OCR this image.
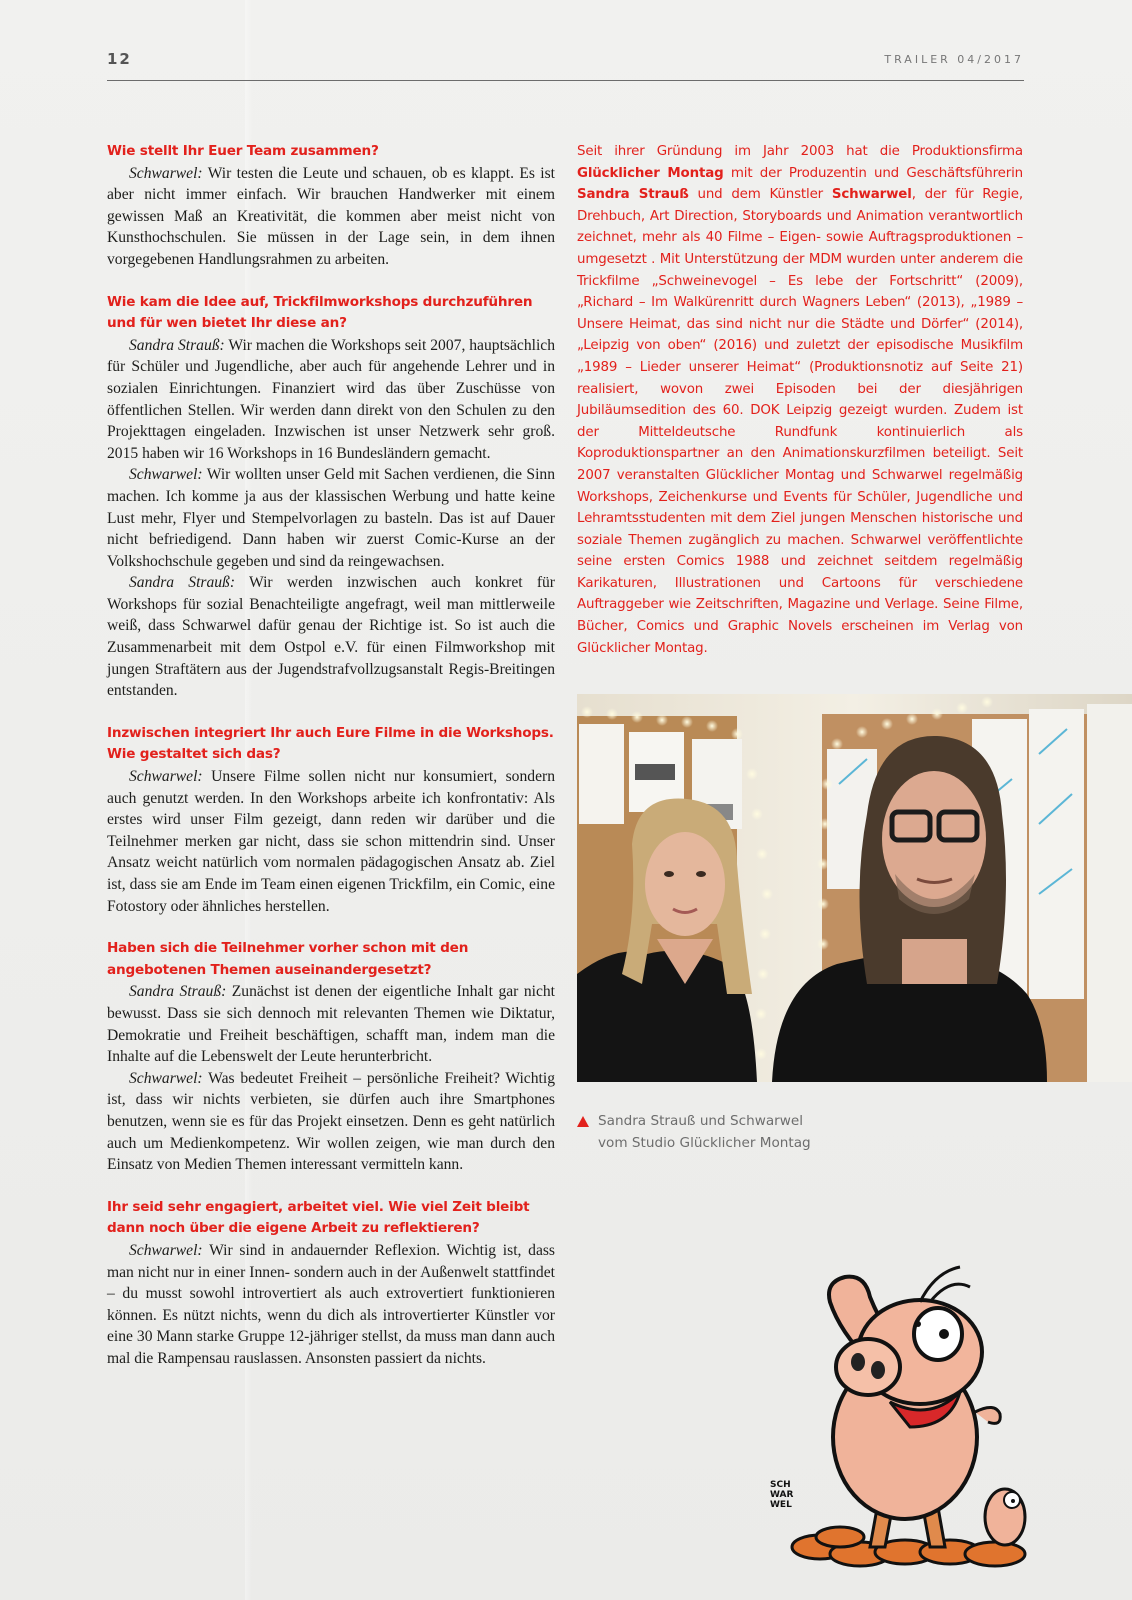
12	TRAILER 04/2017
Wie stellt Ihr Euer Team zusammen?

Schwarwel: Wir testen die Leute und schauen, ob es klappt. Es ist aber nicht immer einfach. Wir brauchen Handwerker mit einem gewissen Maß an Kreativität, die kommen aber meist nicht von Kunsthochschulen. Sie müssen in der Lage sein, in dem ihnen vorgegebenen Handlungsrahmen zu arbeiten.

Wie kam die Idee auf, Trickfilmworkshops durchzuführen und für wen bietet Ihr diese an?

Sandra Strauß: Wir machen die Workshops seit 2007, hauptsächlich für Schüler und Jugendliche, aber auch für angehende Lehrer und in sozialen Einrichtungen. Finanziert wird das über Zuschüsse von öffentlichen Stellen. Wir werden dann direkt von den Schulen zu den Projekttagen eingeladen. Inzwischen ist unser Netzwerk sehr groß. 2015 haben wir 16 Workshops in 16 Bundesländern gemacht.

Schwarwel: Wir wollten unser Geld mit Sachen verdienen, die Sinn machen. Ich komme ja aus der klassischen Werbung und hatte keine Lust mehr, Flyer und Stempelvorlagen zu basteln. Das ist auf Dauer nicht befriedigend. Dann haben wir zuerst Comic-Kurse an der Volkshochschule gegeben und sind da reingewachsen.

Sandra Strauß: Wir werden inzwischen auch konkret für Workshops für sozial Benachteiligte angefragt, weil man mittlerweile weiß, dass Schwarwel dafür genau der Richtige ist. So ist auch die Zusammenarbeit mit dem Ostpol e.V. für einen Filmworkshop mit jungen Straftätern aus der Jugendstrafvollzugsanstalt Regis-Breitingen entstanden.

Inzwischen integriert Ihr auch Eure Filme in die Workshops. Wie gestaltet sich das?

Schwarwel: Unsere Filme sollen nicht nur konsumiert, sondern auch genutzt werden. In den Workshops arbeite ich konfrontativ: Als erstes wird unser Film gezeigt, dann reden wir darüber und die Teilnehmer merken gar nicht, dass sie schon mittendrin sind. Unser Ansatz weicht natürlich vom normalen pädagogischen Ansatz ab. Ziel ist, dass sie am Ende im Team einen eigenen Trickfilm, ein Comic, eine Fotostory oder ähnliches herstellen.

Haben sich die Teilnehmer vorher schon mit den angebotenen Themen auseinandergesetzt?

Sandra Strauß: Zunächst ist denen der eigentliche Inhalt gar nicht bewusst. Dass sie sich dennoch mit relevanten Themen wie Diktatur, Demokratie und Freiheit beschäftigen, schafft man, indem man die Inhalte auf die Lebenswelt der Leute herunterbricht.

Schwarwel: Was bedeutet Freiheit – persönliche Freiheit? Wichtig ist, dass wir nichts verbieten, sie dürfen auch ihre Smartphones benutzen, wenn sie es für das Projekt einsetzen. Denn es geht natürlich auch um Medienkompetenz. Wir wollen zeigen, wie man durch den Einsatz von Medien Themen interessant vermitteln kann.

Ihr seid sehr engagiert, arbeitet viel. Wie viel Zeit bleibt dann noch über die eigene Arbeit zu reflektieren?

Schwarwel: Wir sind in andauernder Reflexion. Wichtig ist, dass man nicht nur in einer Innen- sondern auch in der Außenwelt stattfindet – du musst sowohl introvertiert als auch extrovertiert funktionieren können. Es nützt nichts, wenn du dich als introvertierter Künstler vor eine 30 Mann starke Gruppe 12-jähriger stellst, da muss man dann auch mal die Rampensau rauslassen. Ansonsten passiert da nichts.

Seit ihrer Gründung im Jahr 2003 hat die Produktionsfirma Glücklicher Montag mit der Produzentin und Geschäftsführerin Sandra Strauß und dem Künstler Schwarwel, der für Regie, Drehbuch, Art Direction, Storyboards und Animation verantwortlich zeichnet, mehr als 40 Filme – Eigen- sowie Auftragsproduktionen – umgesetzt . Mit Unterstützung der MDM wurden unter anderem die Trickfilme „Schweinevogel – Es lebe der Fortschritt“ (2009), „Richard – Im Walkürenritt durch Wagners Leben“ (2013), „1989 – Unsere Heimat, das sind nicht nur die Städte und Dörfer“ (2014), „Leipzig von oben“ (2016) und zuletzt der episodische Musikfilm „1989 – Lieder unserer Heimat“ (Produktionsnotiz auf Seite 21) realisiert, wovon zwei Episoden bei der diesjährigen Jubiläumsedition des 60. DOK Leipzig gezeigt wurden. Zudem ist der Mitteldeutsche Rundfunk kontinuierlich als Koproduktionspartner an den Animationskurzfilmen beteiligt. Seit 2007 veranstalten Glücklicher Montag und Schwarwel regelmäßig Workshops, Zeichenkurse und Events für Schüler, Jugendliche und Lehramtsstudenten mit dem Ziel jungen Menschen historische und soziale Themen zugänglich zu machen. Schwarwel veröffentlichte seine ersten Comics 1988 und zeichnet seitdem regelmäßig Karikaturen, Illustrationen und Cartoons für verschiedene Auftraggeber wie Zeitschriften, Magazine und Verlage. Seine Filme, Bücher, Comics und Graphic Novels erscheinen im Verlag von Glücklicher Montag.
Sandra Strauß und Schwarwel
vom Studio Glücklicher Montag
SCH
WAR
WEL
